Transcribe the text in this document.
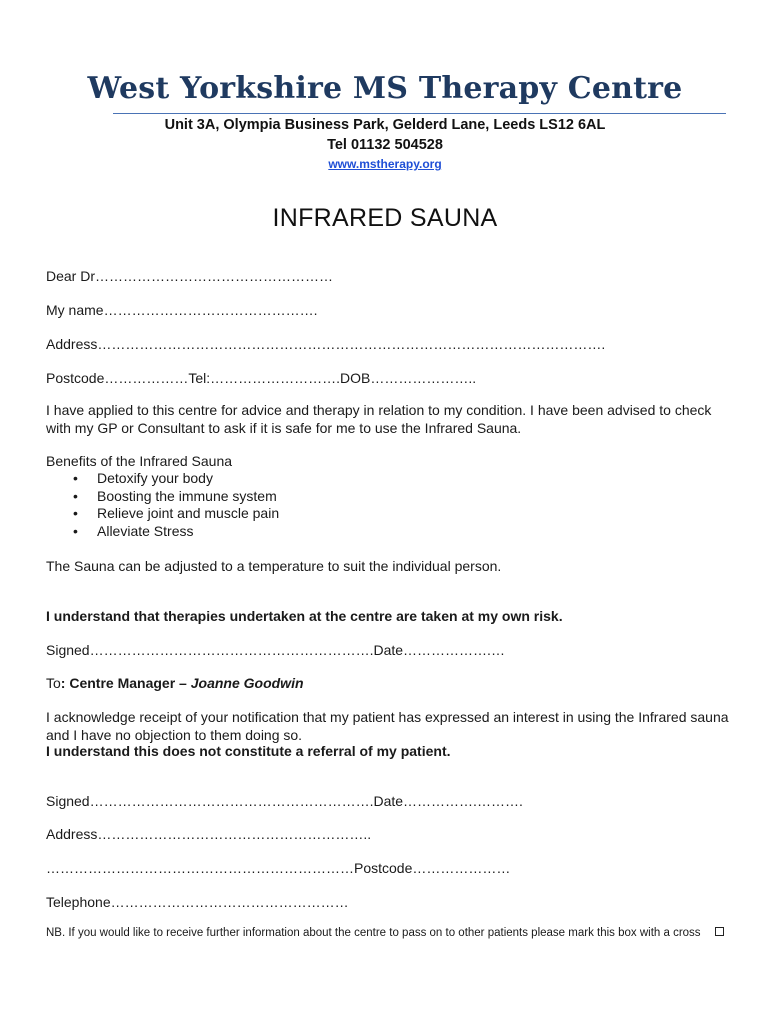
West Yorkshire MS Therapy Centre
Unit 3A, Olympia Business Park, Gelderd Lane, Leeds LS12 6AL
Tel 01132 504528
www.mstherapy.org
INFRARED SAUNA
Dear Dr……………………………………………
My name……………………………………….
Address……………………………………………………………………………………………….
Postcode………………Tel:……………………….DOB…………………..
I have applied to this centre for advice and therapy in relation to my condition. I have been advised to check with my GP or Consultant to ask if it is safe for me to use the Infrared Sauna.
Benefits of the Infrared Sauna
• Detoxify your body
• Boosting the immune system
• Relieve joint and muscle pain
• Alleviate Stress
The Sauna can be adjusted to a temperature to suit the individual person.
I understand that therapies undertaken at the centre are taken at my own risk.
Signed…………………………………………………….Date……………….…
To: Centre Manager – Joanne Goodwin
I acknowledge receipt of your notification that my patient has expressed an interest in using the Infrared sauna and I have no objection to them doing so.
I understand this does not constitute a referral of my patient.
Signed…………………………………………………….Date…………….……….
Address…………………………………………………..
…………………………………………………………Postcode…………………
Telephone……………………………………………
NB. If you would like to receive further information about the centre to pass on to other patients please mark this box with a cross
